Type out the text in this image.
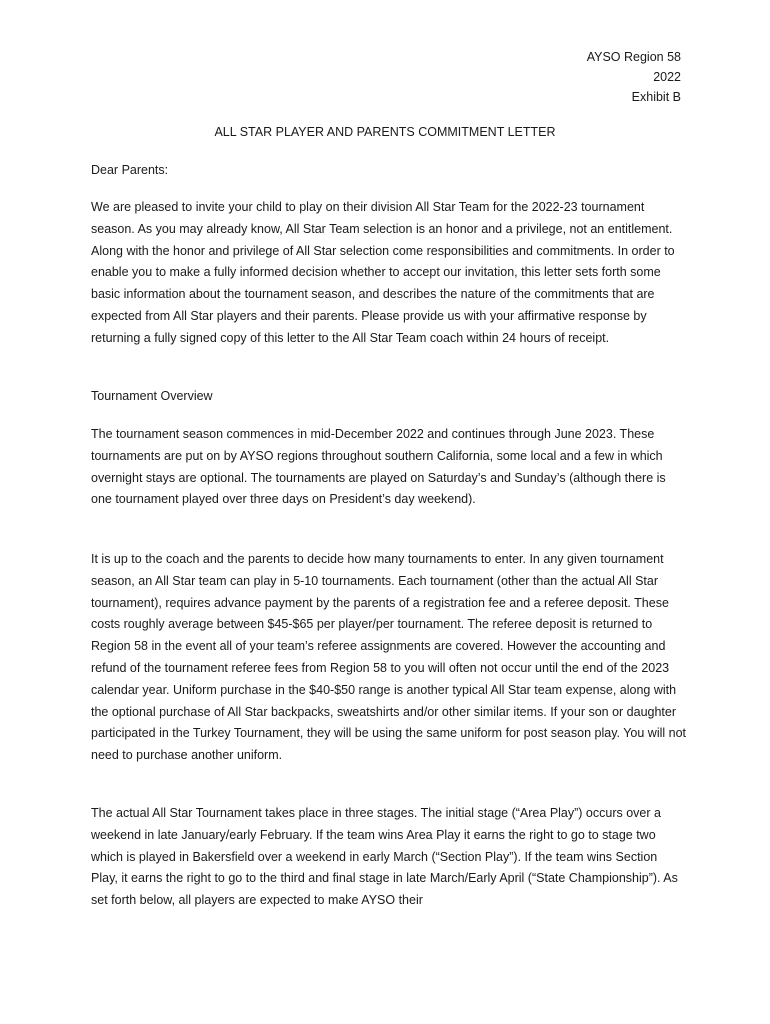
AYSO Region 58
2022
Exhibit B
ALL STAR PLAYER AND PARENTS COMMITMENT LETTER

Dear Parents:

We are pleased to invite your child to play on their division All Star Team for the 2022-23 tournament season. As you may already know, All Star Team selection is an honor and a privilege, not an entitlement. Along with the honor and privilege of All Star selection come responsibilities and commitments. In order to enable you to make a fully informed decision whether to accept our invitation, this letter sets forth some basic information about the tournament season, and describes the nature of the commitments that are expected from All Star players and their parents. Please provide us with your affirmative response by returning a fully signed copy of this letter to the All Star Team coach within 24 hours of receipt.

Tournament Overview

The tournament season commences in mid-December 2022 and continues through June 2023. These tournaments are put on by AYSO regions throughout southern California, some local and a few in which overnight stays are optional. The tournaments are played on Saturday’s and Sunday’s (although there is one tournament played over three days on President’s day weekend).

It is up to the coach and the parents to decide how many tournaments to enter. In any given tournament season, an All Star team can play in 5-10 tournaments. Each tournament (other than the actual All Star tournament), requires advance payment by the parents of a registration fee and a referee deposit. These costs roughly average between $45-$65 per player/per tournament. The referee deposit is returned to Region 58 in the event all of your team’s referee assignments are covered. However the accounting and refund of the tournament referee fees from Region 58 to you will often not occur until the end of the 2023 calendar year. Uniform purchase in the $40-$50 range is another typical All Star team expense, along with the optional purchase of All Star backpacks, sweatshirts and/or other similar items. If your son or daughter participated in the Turkey Tournament, they will be using the same uniform for post season play. You will not need to purchase another uniform.

The actual All Star Tournament takes place in three stages. The initial stage (“Area Play”) occurs over a weekend in late January/early February. If the team wins Area Play it earns the right to go to stage two which is played in Bakersfield over a weekend in early March (“Section Play”). If the team wins Section Play, it earns the right to go to the third and final stage in late March/Early April (“State Championship”). As set forth below, all players are expected to make AYSO their
